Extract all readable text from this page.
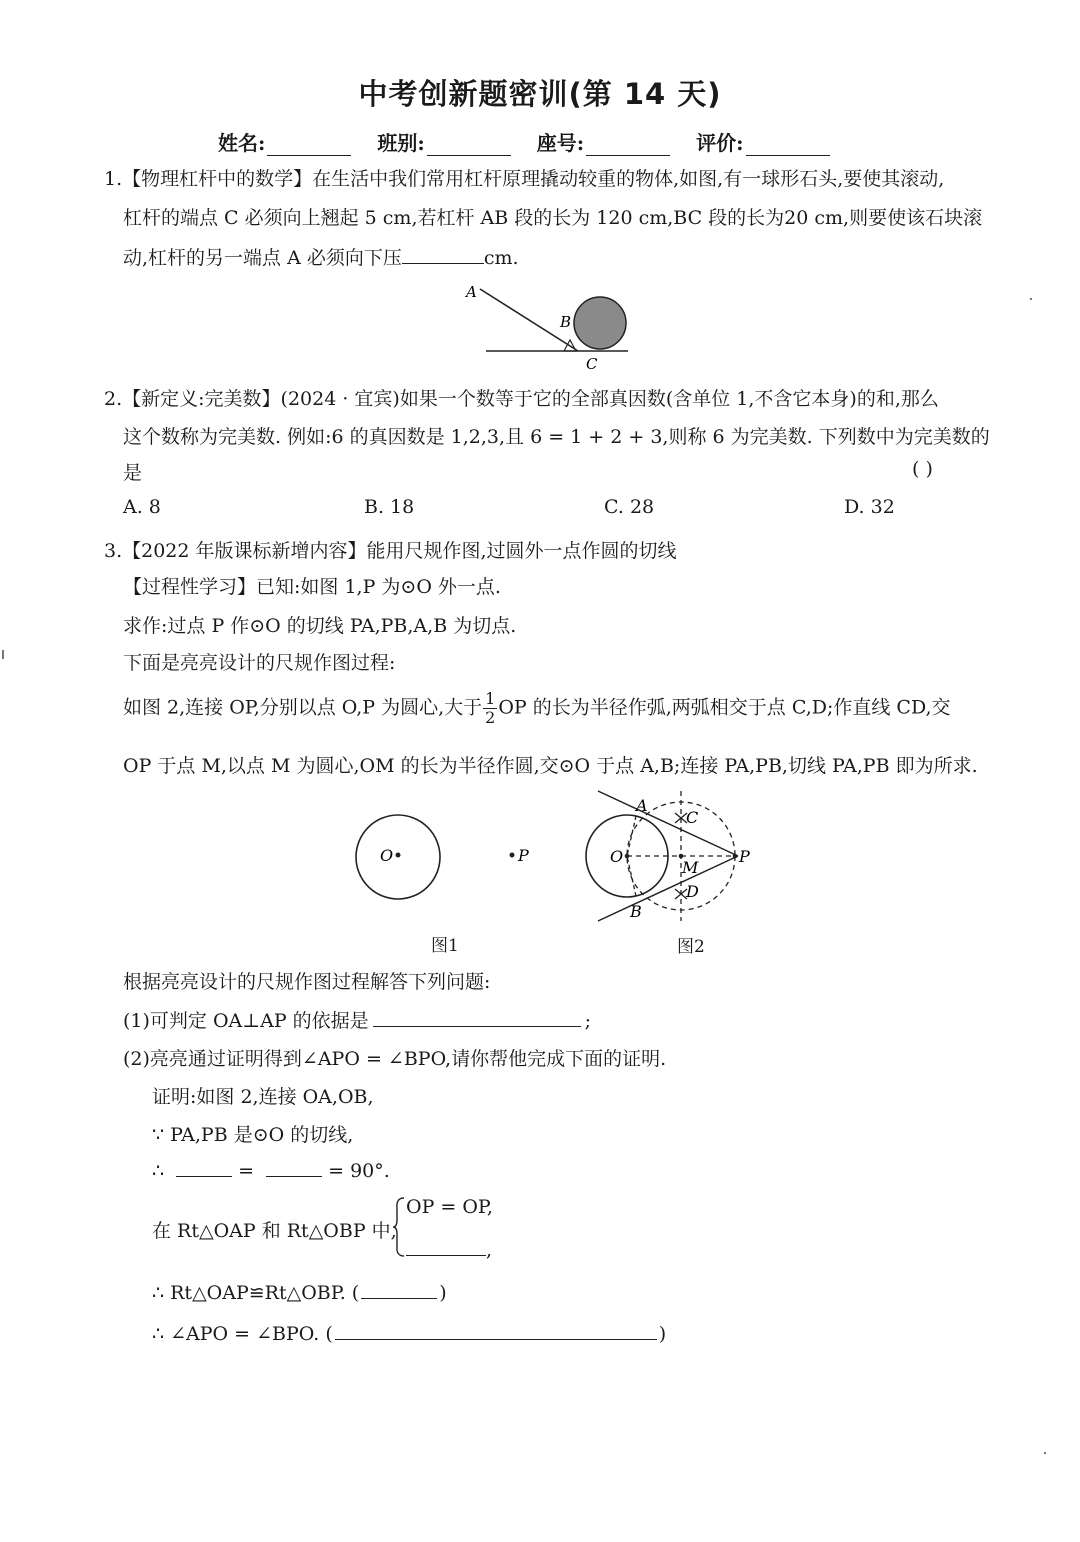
中考创新题密训(第 14 天)
姓名:	班别:	座号:	评价:
1.【物理杠杆中的数学】在生活中我们常用杠杆原理撬动较重的物体,如图,有一球形石头,要使其滚动,
杠杆的端点 C 必须向上翘起 5 cm,若杠杆 AB 段的长为 120 cm,BC 段的长为20 cm,则要使该石块滚
动,杠杆的另一端点 A 必须向下压	cm.
A
B
C
2.【新定义:完美数】(2024 · 宜宾)如果一个数等于它的全部真因数(含单位 1,不含它本身)的和,那么
这个数称为完美数. 例如:6 的真因数是 1,2,3,且 6 = 1 + 2 + 3,则称 6 为完美数. 下列数中为完美数的
是	( )
A. 8	B. 18	C. 28	D. 32
3.【2022 年版课标新增内容】能用尺规作图,过圆外一点作圆的切线
【过程性学习】已知:如图 1,P 为⊙O 外一点.
求作:过点 P 作⊙O 的切线 PA,PB,A,B 为切点.
下面是亮亮设计的尺规作图过程:
如图 2,连接 OP,分别以点 O,P 为圆心,大于 $\frac{1}{2}$ OP 的长为半径作弧,两弧相交于点 C,D;作直线 CD,交
OP 于点 M,以点 M 为圆心,OM 的长为半径作圆,交⊙O 于点 A,B;连接 PA,PB,切线 PA,PB 即为所求.
O	P
图1
A
B
C
D
O
M
P
图2
根据亮亮设计的尺规作图过程解答下列问题:
(1)可判定 OA⊥AP 的依据是	;
(2)亮亮通过证明得到∠APO = ∠BPO,请你帮他完成下面的证明.
证明:如图 2,连接 OA,OB,
∵ PA,PB 是⊙O 的切线,
∴	=	= 90°.
在 Rt△OAP 和 Rt△OBP 中,
OP = OP,
,
∴ Rt△OAP≌Rt△OBP. (	)
∴ ∠APO = ∠BPO. (	)
